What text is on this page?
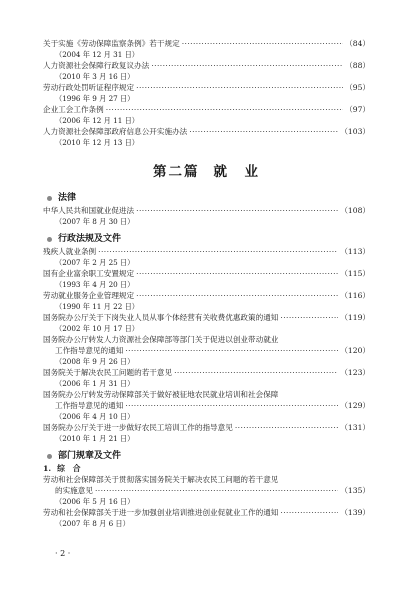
关于实施《劳动保障监察条例》若干规定 ·····	（84）
（2004 年 12 月 31 日）
人力资源社会保障行政复议办法 ·····	（88）
（2010 年 3 月 16 日）
劳动行政处罚听证程序规定 ·····	（95）
（1996 年 9 月 27 日）
企业工会工作条例 ·····	（97）
（2006 年 12 月 11 日）
人力资源社会保障部政府信息公开实施办法 ·····	（103）
（2010 年 12 月 13 日）
第二篇 就　业
法律
中华人民共和国就业促进法 ·····	（108）
（2007 年 8 月 30 日）
行政法规及文件
残疾人就业条例 ·····	（113）
（2007 年 2 月 25 日）
国有企业富余职工安置规定 ·····	（115）
（1993 年 4 月 20 日）
劳动就业服务企业管理规定 ·····	（116）
（1990 年 11 月 22 日）
国务院办公厅关于下岗失业人员从事个体经营有关收费优惠政策的通知 ·····	（119）
（2002 年 10 月 17 日）
国务院办公厅转发人力资源社会保障部等部门关于促进以创业带动就业
工作指导意见的通知 ·····	（120）
（2008 年 9 月 26 日）
国务院关于解决农民工问题的若干意见 ·····	（123）
（2006 年 1 月 31 日）
国务院办公厅转发劳动保障部关于做好被征地农民就业培训和社会保障
工作指导意见的通知 ·····	（129）
（2006 年 4 月 10 日）
国务院办公厅关于进一步做好农民工培训工作的指导意见 ·····	（131）
（2010 年 1 月 21 日）
部门规章及文件
1. 综　合
劳动和社会保障部关于贯彻落实国务院关于解决农民工问题的若干意见
的实施意见 ·····	（135）
（2006 年 5 月 16 日）
劳动和社会保障部关于进一步加强创业培训推进创业促就业工作的通知 ·····	（139）
（2007 年 8 月 6 日）
· 2 ·
